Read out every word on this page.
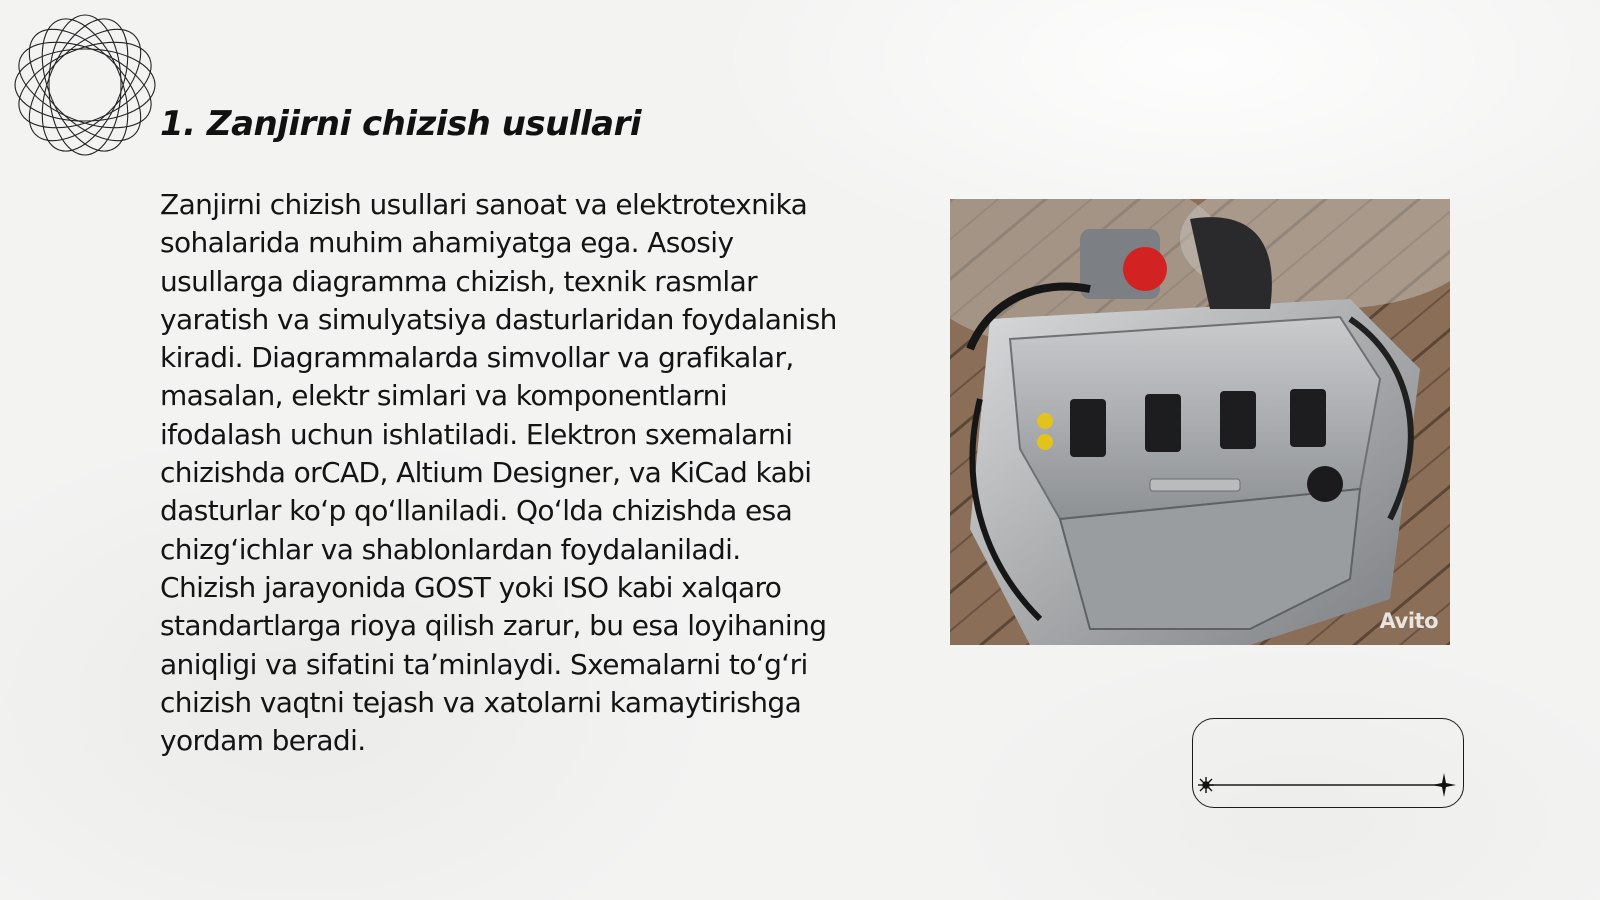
1. Zanjirni chizish usullari

Zanjirni chizish usullari sanoat va elektrotexnika sohalarida muhim ahamiyatga ega. Asosiy usullarga diagramma chizish, texnik rasmlar yaratish va simulyatsiya dasturlaridan foydalanish kiradi. Diagrammalarda simvollar va grafikalar, masalan, elektr simlari va komponentlarni ifodalash uchun ishlatiladi. Elektron sxemalarni chizishda orCAD, Altium Designer, va KiCad kabi dasturlar koʻp qoʻllaniladi. Qoʻlda chizishda esa chizgʻichlar va shablonlardan foydalaniladi. Chizish jarayonida GOST yoki ISO kabi xalqaro standartlarga rioya qilish zarur, bu esa loyihaning aniqligi va sifatini taʼminlaydi. Sxemalarni toʻgʻri chizish vaqtni tejash va xatolarni kamaytirishga yordam beradi.

Avito
